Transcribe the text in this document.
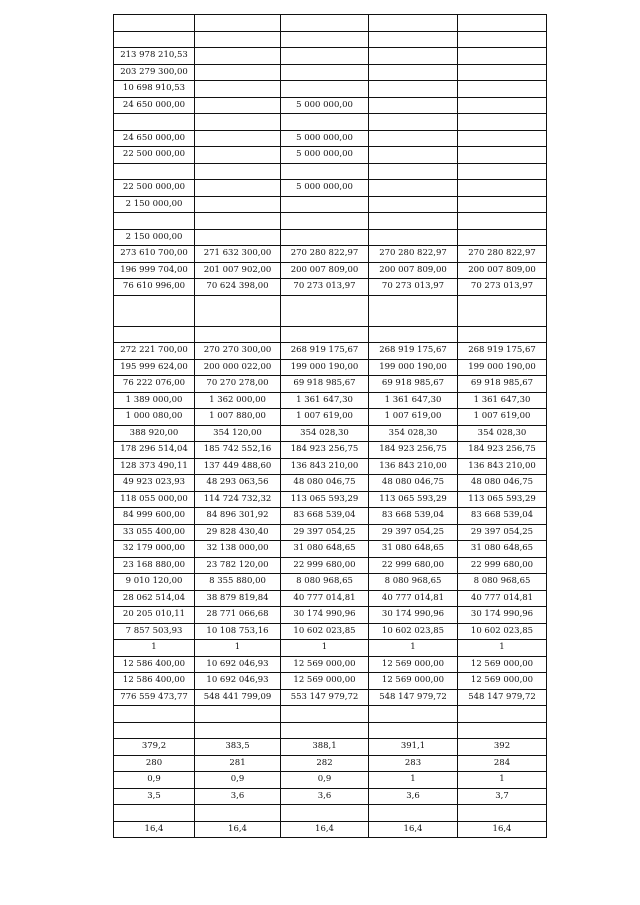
213 978 210,53				
203 279 300,00				
10 698 910,53				
24 650 000,00		5 000 000,00		

24 650 000,00		5 000 000,00		
22 500 000,00		5 000 000,00		

22 500 000,00		5 000 000,00		
2 150 000,00				

2 150 000,00				
273 610 700,00	271 632 300,00	270 280 822,97	270 280 822,97	270 280 822,97
196 999 704,00	201 007 902,00	200 007 809,00	200 007 809,00	200 007 809,00
76 610 996,00	70 624 398,00	70 273 013,97	70 273 013,97	70 273 013,97

272 221 700,00	270 270 300,00	268 919 175,67	268 919 175,67	268 919 175,67
195 999 624,00	200 000 022,00	199 000 190,00	199 000 190,00	199 000 190,00
76 222 076,00	70 270 278,00	69 918 985,67	69 918 985,67	69 918 985,67
1 389 000,00	1 362 000,00	1 361 647,30	1 361 647,30	1 361 647,30
1 000 080,00	1 007 880,00	1 007 619,00	1 007 619,00	1 007 619,00
388 920,00	354 120,00	354 028,30	354 028,30	354 028,30
178 296 514,04	185 742 552,16	184 923 256,75	184 923 256,75	184 923 256,75
128 373 490,11	137 449 488,60	136 843 210,00	136 843 210,00	136 843 210,00
49 923 023,93	48 293 063,56	48 080 046,75	48 080 046,75	48 080 046,75
118 055 000,00	114 724 732,32	113 065 593,29	113 065 593,29	113 065 593,29
84 999 600,00	84 896 301,92	83 668 539,04	83 668 539,04	83 668 539,04
33 055 400,00	29 828 430,40	29 397 054,25	29 397 054,25	29 397 054,25
32 179 000,00	32 138 000,00	31 080 648,65	31 080 648,65	31 080 648,65
23 168 880,00	23 782 120,00	22 999 680,00	22 999 680,00	22 999 680,00
9 010 120,00	8 355 880,00	8 080 968,65	8 080 968,65	8 080 968,65
28 062 514,04	38 879 819,84	40 777 014,81	40 777 014,81	40 777 014,81
20 205 010,11	28 771 066,68	30 174 990,96	30 174 990,96	30 174 990,96
7 857 503,93	10 108 753,16	10 602 023,85	10 602 023,85	10 602 023,85
1	1	1	1	1
12 586 400,00	10 692 046,93	12 569 000,00	12 569 000,00	12 569 000,00
12 586 400,00	10 692 046,93	12 569 000,00	12 569 000,00	12 569 000,00
776 559 473,77	548 441 799,09	553 147 979,72	548 147 979,72	548 147 979,72

379,2	383,5	388,1	391,1	392
280	281	282	283	284
0,9	0,9	0,9	1	1
3,5	3,6	3,6	3,6	3,7

16,4	16,4	16,4	16,4	16,4
